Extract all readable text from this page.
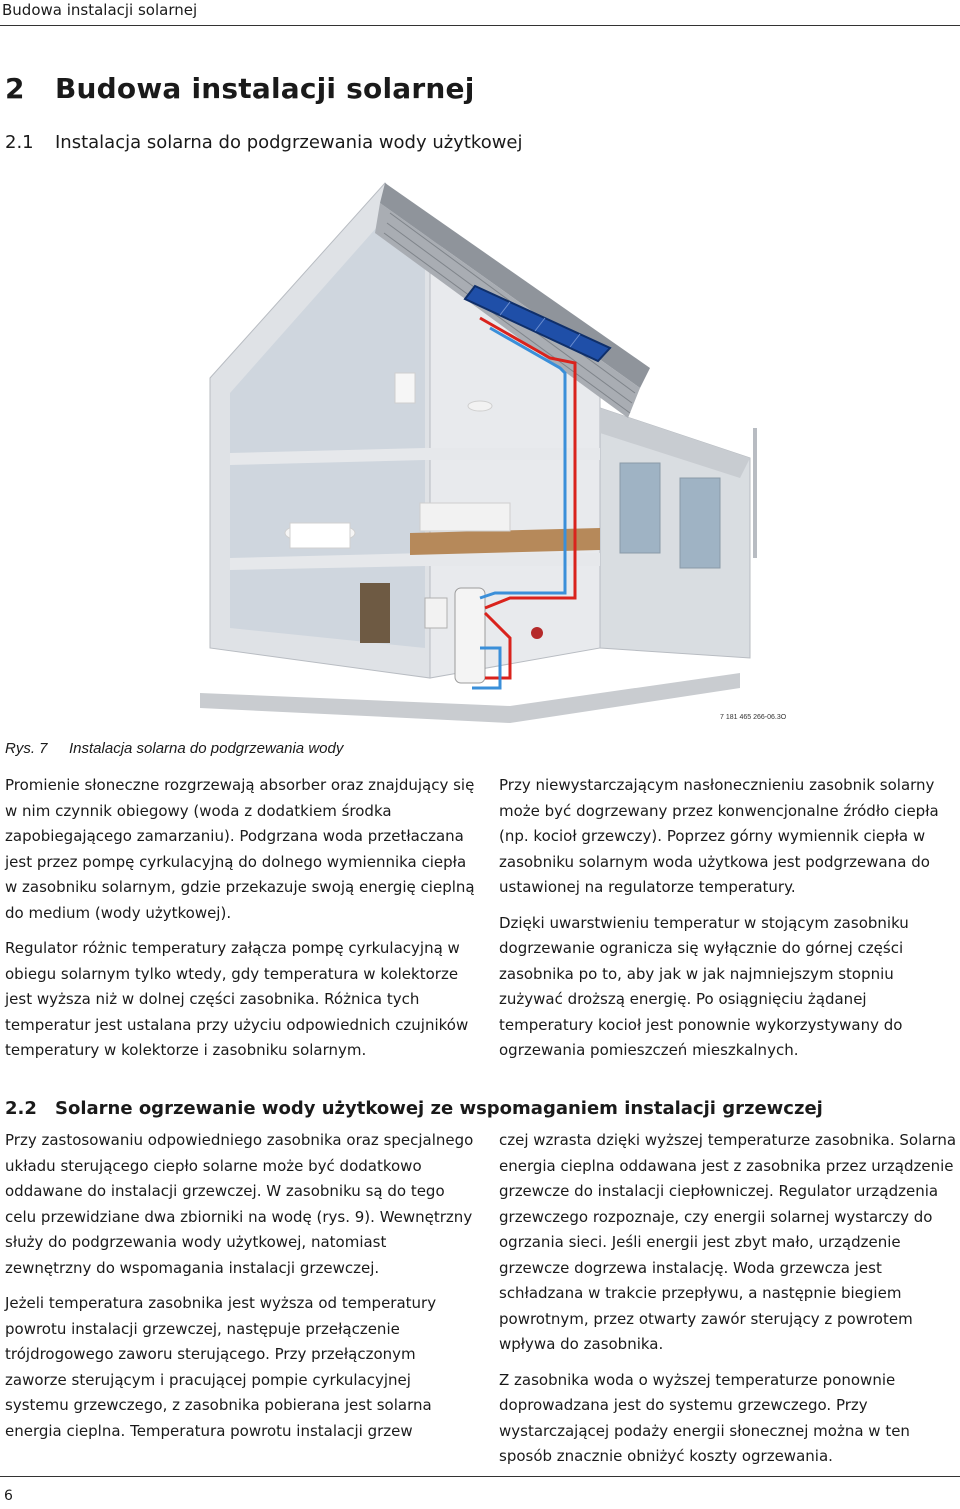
Budowa instalacji solarnej
2 Budowa instalacji solarnej
2.1 Instalacja solarna do podgrzewania wody użytkowej
7 181 465 266-06.3O
Rys. 7 Instalacja solarna do podgrzewania wody

Promienie słoneczne rozgrzewają absorber oraz znajdujący się w nim czynnik obiegowy (woda z dodatkiem środka zapobiegającego zamarzaniu). Podgrzana woda przetłaczana jest przez pompę cyrkulacyjną do dolnego wymiennika ciepła w zasobniku solarnym, gdzie przekazuje swoją energię cieplną do medium (wody użytkowej).

Regulator różnic temperatury załącza pompę cyrkulacyjną w obiegu solarnym tylko wtedy, gdy temperatura w kolektorze jest wyższa niż w dolnej części zasobnika. Różnica tych temperatur jest ustalana przy użyciu odpowiednich czujników temperatury w kolektorze i zasobniku solarnym.

Przy niewystarczającym nasłonecznieniu zasobnik solarny może być dogrzewany przez konwencjonalne źródło ciepła (np. kocioł grzewczy). Poprzez górny wymiennik ciepła w zasobniku solarnym woda użytkowa jest podgrzewana do ustawionej na regulatorze temperatury.

Dzięki uwarstwieniu temperatur w stojącym zasobniku dogrzewanie ogranicza się wyłącznie do górnej części zasobnika po to, aby jak w jak najmniejszym stopniu zużywać droższą energię. Po osiągnięciu żądanej temperatury kocioł jest ponownie wykorzystywany do ogrzewania pomieszczeń mieszkalnych.

2.2 Solarne ogrzewanie wody użytkowej ze wspomaganiem instalacji grzewczej

Przy zastosowaniu odpowiedniego zasobnika oraz specjalnego układu sterującego ciepło solarne może być dodatkowo oddawane do instalacji grzewczej. W zasobniku są do tego celu przewidziane dwa zbiorniki na wodę (rys. 9). Wewnętrzny służy do podgrzewania wody użytkowej, natomiast zewnętrzny do wspomagania instalacji grzewczej.

Jeżeli temperatura zasobnika jest wyższa od temperatury powrotu instalacji grzewczej, następuje przełączenie trójdrogowego zaworu sterującego. Przy przełączonym zaworze sterującym i pracującej pompie cyrkulacyjnej systemu grzewczego, z zasobnika pobierana jest solarna energia cieplna. Temperatura powrotu instalacji grzew

czej wzrasta dzięki wyższej temperaturze zasobnika. Solarna energia cieplna oddawana jest z zasobnika przez urządzenie grzewcze do instalacji ciepłowniczej. Regulator urządzenia grzewczego rozpoznaje, czy energii solarnej wystarczy do ogrzania sieci. Jeśli energii jest zbyt mało, urządzenie grzewcze dogrzewa instalację. Woda grzewcza jest schładzana w trakcie przepływu, a następnie biegiem powrotnym, przez otwarty zawór sterujący z powrotem wpływa do zasobnika.

Z zasobnika woda o wyższej temperaturze ponownie doprowadzana jest do systemu grzewczego. Przy wystarczającej podaży energii słonecznej można w ten sposób znacznie obniżyć koszty ogrzewania.

6
